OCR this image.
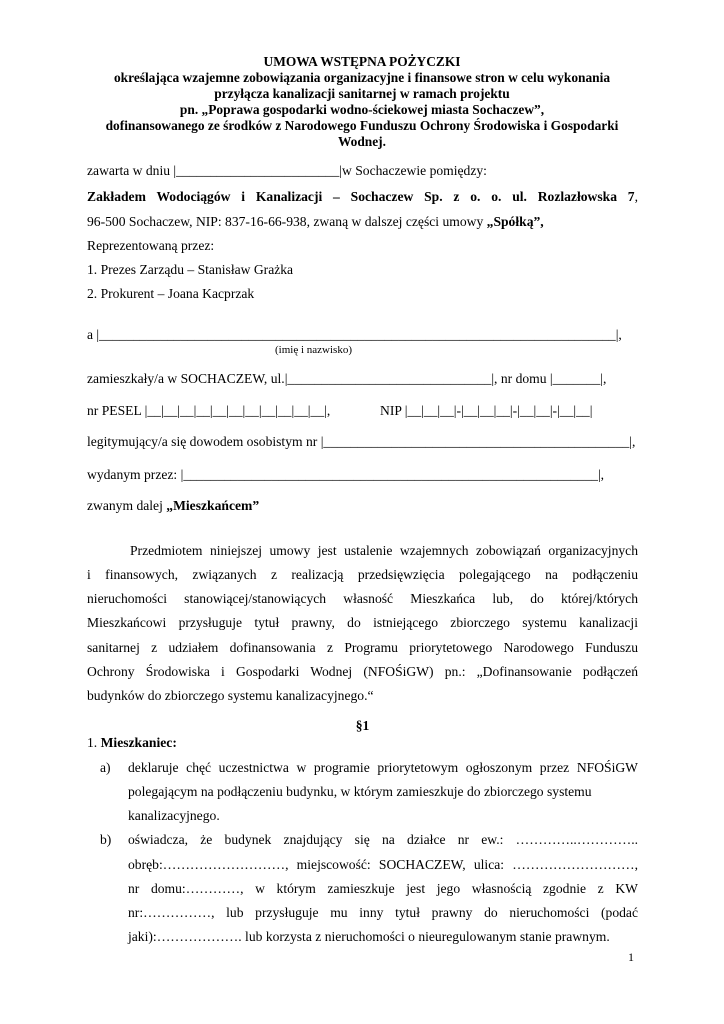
UMOWA WSTĘPNA POŻYCZKI
określająca wzajemne zobowiązania organizacyjne i finansowe stron w celu wykonania
przyłącza kanalizacji sanitarnej w ramach projektu
pn. „Poprawa gospodarki wodno-ściekowej miasta Sochaczew”,
dofinansowanego ze środków z Narodowego Funduszu Ochrony Środowiska i Gospodarki
Wodnej.
zawarta w dniu |________________________|w Sochaczewie pomiędzy:
Zakładem Wodociągów i Kanalizacji – Sochaczew Sp. z o. o. ul. Rozlazłowska 7,
96-500 Sochaczew, NIP: 837-16-66-938, zwaną w dalszej części umowy „Spółką”,
Reprezentowaną przez:
1. Prezes Zarządu – Stanisław Grażka
2. Prokurent – Joana Kacprzak
a |____________________________________________________________________________|,
(imię i nazwisko)
zamieszkały/a w SOCHACZEW, ul.|______________________________|, nr domu |_______|,
nr PESEL |__|__|__|__|__|__|__|__|__|__|__|,	NIP |__|__|__|-|__|__|__|-|__|__|-|__|__|
legitymujący/a się dowodem osobistym nr |_____________________________________________|,
wydanym przez: |_____________________________________________________________|,
zwanym dalej „Mieszkańcem”
Przedmiotem niniejszej umowy jest ustalenie wzajemnych zobowiązań organizacyjnych
i finansowych, związanych z realizacją przedsięwzięcia polegającego na podłączeniu
nieruchomości stanowiącej/stanowiących własność Mieszkańca lub, do której/których
Mieszkańcowi przysługuje tytuł prawny, do istniejącego zbiorczego systemu kanalizacji
sanitarnej z udziałem dofinansowania z Programu priorytetowego Narodowego Funduszu
Ochrony Środowiska i Gospodarki Wodnej (NFOŚiGW) pn.: „Dofinansowanie podłączeń
budynków do zbiorczego systemu kanalizacyjnego.“
§1
1. Mieszkaniec:
a) deklaruje chęć uczestnictwa w programie priorytetowym ogłoszonym przez NFOŚiGW
polegającym na podłączeniu budynku, w którym zamieszkuje do zbiorczego systemu
kanalizacyjnego.
b) oświadcza, że budynek znajdujący się na działce nr ew.: …………..…………..
obręb:………………………, miejscowość: SOCHACZEW, ulica: ………………………,
nr domu:…………, w którym zamieszkuje jest jego własnością zgodnie z KW
nr:……………, lub przysługuje mu inny tytuł prawny do nieruchomości (podać
jaki):………………. lub korzysta z nieruchomości o nieuregulowanym stanie prawnym.
1
